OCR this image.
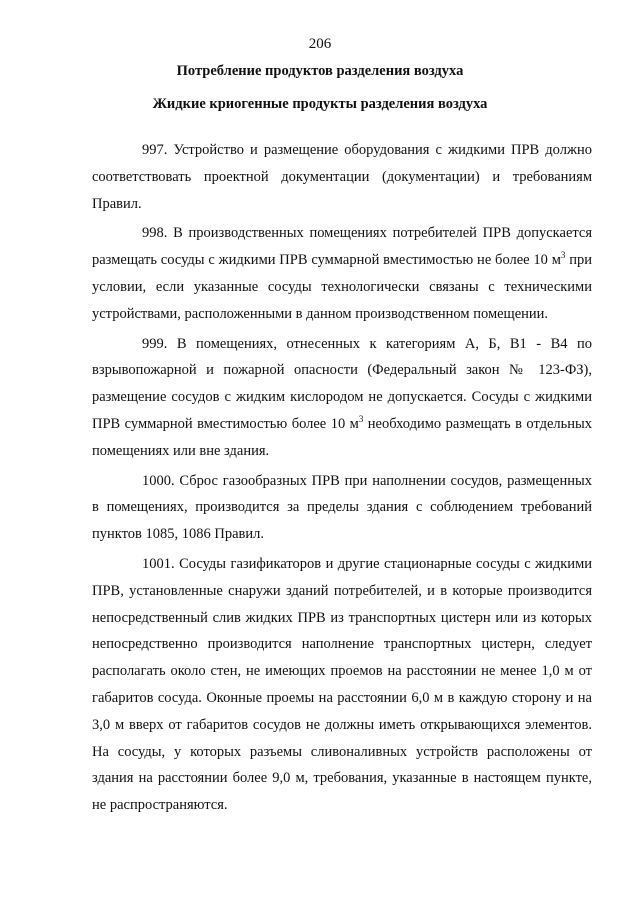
206
Потребление продуктов разделения воздуха
Жидкие криогенные продукты разделения воздуха

997. Устройство и размещение оборудования с жидкими ПРВ должно соответствовать проектной документации (документации) и требованиям Правил.

998. В производственных помещениях потребителей ПРВ допускается размещать сосуды с жидкими ПРВ суммарной вместимостью не более 10 $м^3$ при условии, если указанные сосуды технологически связаны с техническими устройствами, расположенными в данном производственном помещении.

999. В помещениях, отнесенных к категориям А, Б, В1 - В4 по взрывопожарной и пожарной опасности (Федеральный закон № 123-ФЗ), размещение сосудов с жидким кислородом не допускается. Сосуды с жидкими ПРВ суммарной вместимостью более 10 $м^3$ необходимо размещать в отдельных помещениях или вне здания.

1000. Сброс газообразных ПРВ при наполнении сосудов, размещенных в помещениях, производится за пределы здания с соблюдением требований пунктов 1085, 1086 Правил.

1001. Сосуды газификаторов и другие стационарные сосуды с жидкими ПРВ, установленные снаружи зданий потребителей, и в которые производится непосредственный слив жидких ПРВ из транспортных цистерн или из которых непосредственно производится наполнение транспортных цистерн, следует располагать около стен, не имеющих проемов на расстоянии не менее 1,0 м от габаритов сосуда. Оконные проемы на расстоянии 6,0 м в каждую сторону и на 3,0 м вверх от габаритов сосудов не должны иметь открывающихся элементов. На сосуды, у которых разъемы сливоналивных устройств расположены от здания на расстоянии более 9,0 м, требования, указанные в настоящем пункте, не распространяются.
